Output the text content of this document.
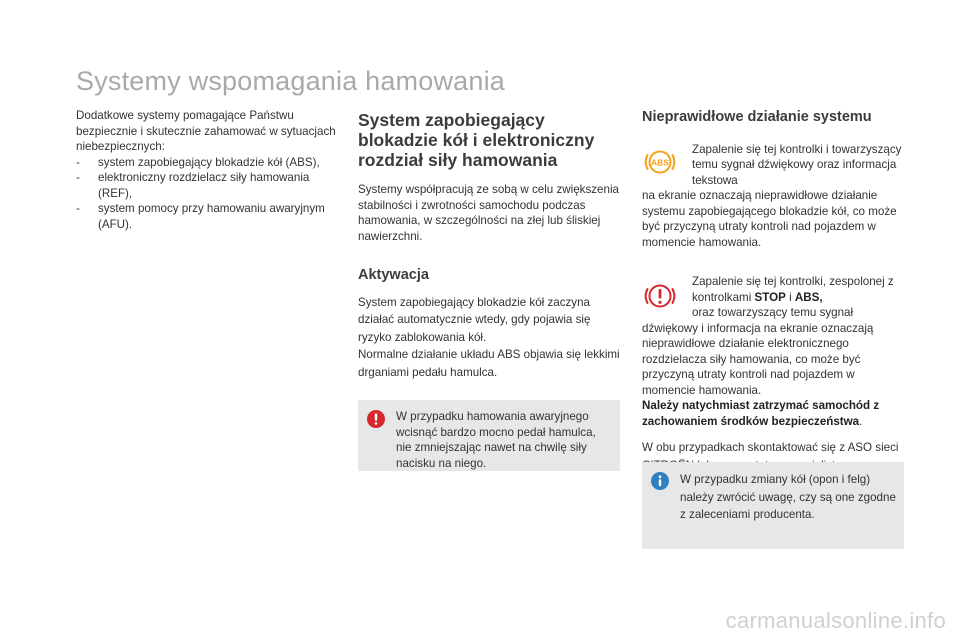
Systemy wspomagania hamowania

Dodatkowe systemy pomagające Państwu bezpiecznie i skutecznie zahamować w sytuacjach niebezpiecznych:

- system zapobiegający blokadzie kół (ABS),
- elektroniczny rozdzielacz siły hamowania (REF),
- system pomocy przy hamowaniu awaryjnym (AFU).
System zapobiegający blokadzie kół i elektroniczny rozdział siły hamowania

Systemy współpracują ze sobą w celu zwiększenia stabilności i zwrotności samochodu podczas hamowania, w szczególności na złej lub śliskiej nawierzchni.

Aktywacja

System zapobiegający blokadzie kół zaczyna działać automatycznie wtedy, gdy pojawia się ryzyko zablokowania kół.

Normalne działanie układu ABS objawia się lekkimi drganiami pedału hamulca.

W przypadku hamowania awaryjnego wcisnąć bardzo mocno pedał hamulca, nie zmniejszając nawet na chwilę siły nacisku na niego.
Nieprawidłowe działanie systemu
ABS

Zapalenie się tej kontrolki i towarzyszący temu sygnał dźwiękowy oraz informacja tekstowa

na ekranie oznaczają nieprawidłowe działanie systemu zapobiegającego blokadzie kół, co może być przyczyną utraty kontroli nad pojazdem w momencie hamowania.

Zapalenie się tej kontrolki, zespolonej z kontrolkami STOP i ABS,
oraz towarzyszący temu sygnał

dźwiękowy i informacja na ekranie oznaczają nieprawidłowe działanie elektronicznego rozdzielacza siły hamowania, co może być przyczyną utraty kontroli nad pojazdem w momencie hamowania.

Należy natychmiast zatrzymać samochód z zachowaniem środków bezpieczeństwa.

W obu przypadkach skontaktować się z ASO sieci

W przypadku zmiany kół (opon i felg) należy zwrócić uwagę, czy są one zgodne z zaleceniami producenta.
carmanualsonline.info
